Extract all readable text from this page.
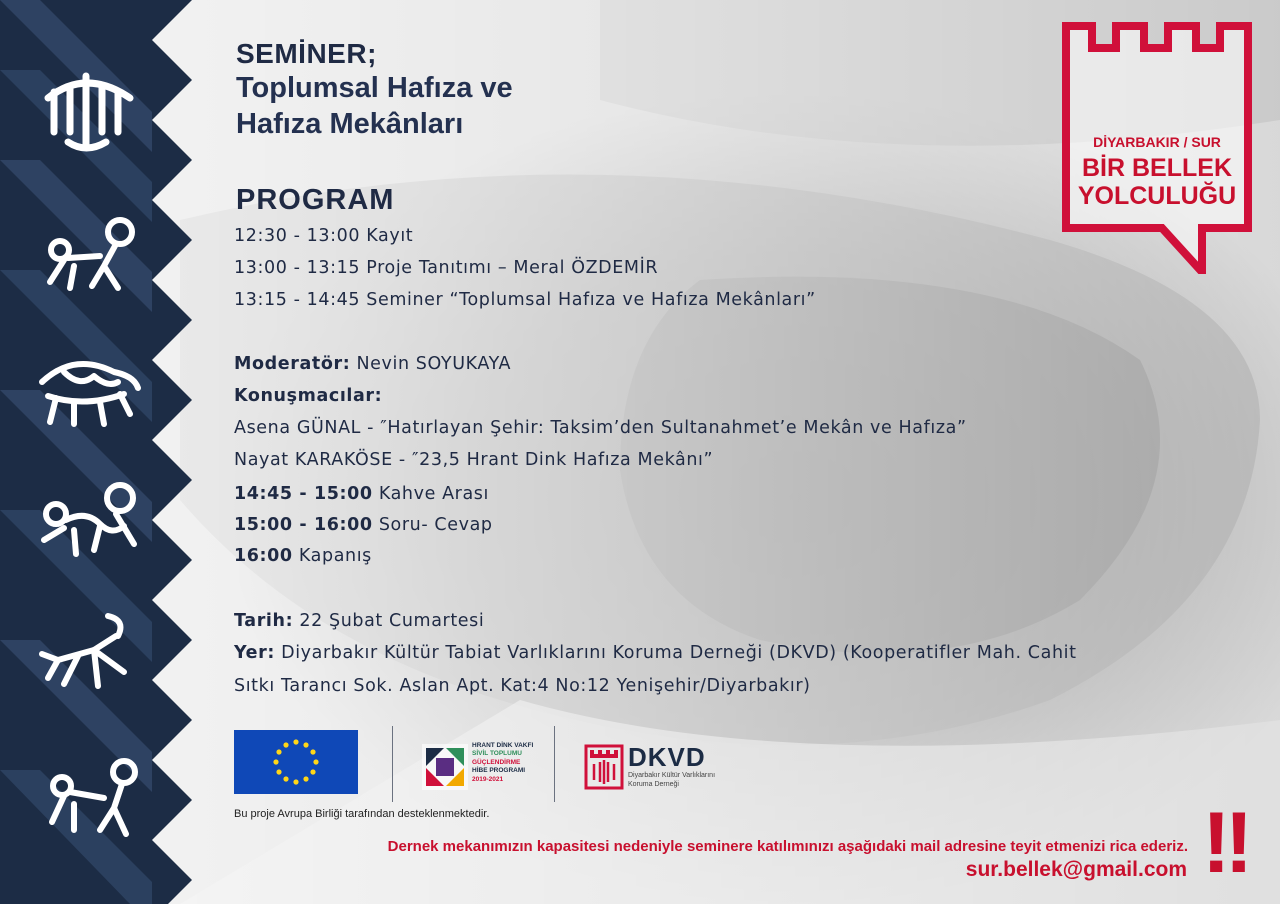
SEMİNER;
Toplumsal Hafıza ve
Hafıza Mekânları
PROGRAM
12:30 - 13:00 Kayıt
13:00 - 13:15 Proje Tanıtımı – Meral ÖZDEMİR
13:15 - 14:45 Seminer “Toplumsal Hafıza ve Hafıza Mekânları”
Moderatör: Nevin SOYUKAYA
Konuşmacılar:
Asena GÜNAL - ″Hatırlayan Şehir: Taksim’den Sultanahmet’e Mekân ve Hafıza”
Nayat KARAKÖSE - ″23,5 Hrant Dink Hafıza Mekânı”
14:45 - 15:00 Kahve Arası
15:00 - 16:00 Soru- Cevap
16:00 Kapanış
Tarih: 22 Şubat Cumartesi
Yer: Diyarbakır Kültür Tabiat Varlıklarını Koruma Derneği (DKVD) (Kooperatifler Mah. Cahit
Sıtkı Tarancı Sok. Aslan Apt. Kat:4 No:12 Yenişehir/Diyarbakır)
DİYARBAKIR / SUR
BİR BELLEK
YOLCULUĞU
HRANT DİNK VAKFI
SİVİL TOPLUMU
GÜÇLENDİRME
HİBE PROGRAMI
2019-2021
DKVD
Diyarbakır Kültür Varlıklarını
Koruma Derneği
Bu proje Avrupa Birliği tarafından desteklenmektedir.
Dernek mekanımızın kapasitesi nedeniyle seminere katılımınızı aşağıdaki mail adresine teyit etmenizi rica ederiz.
sur.bellek@gmail.com !!
